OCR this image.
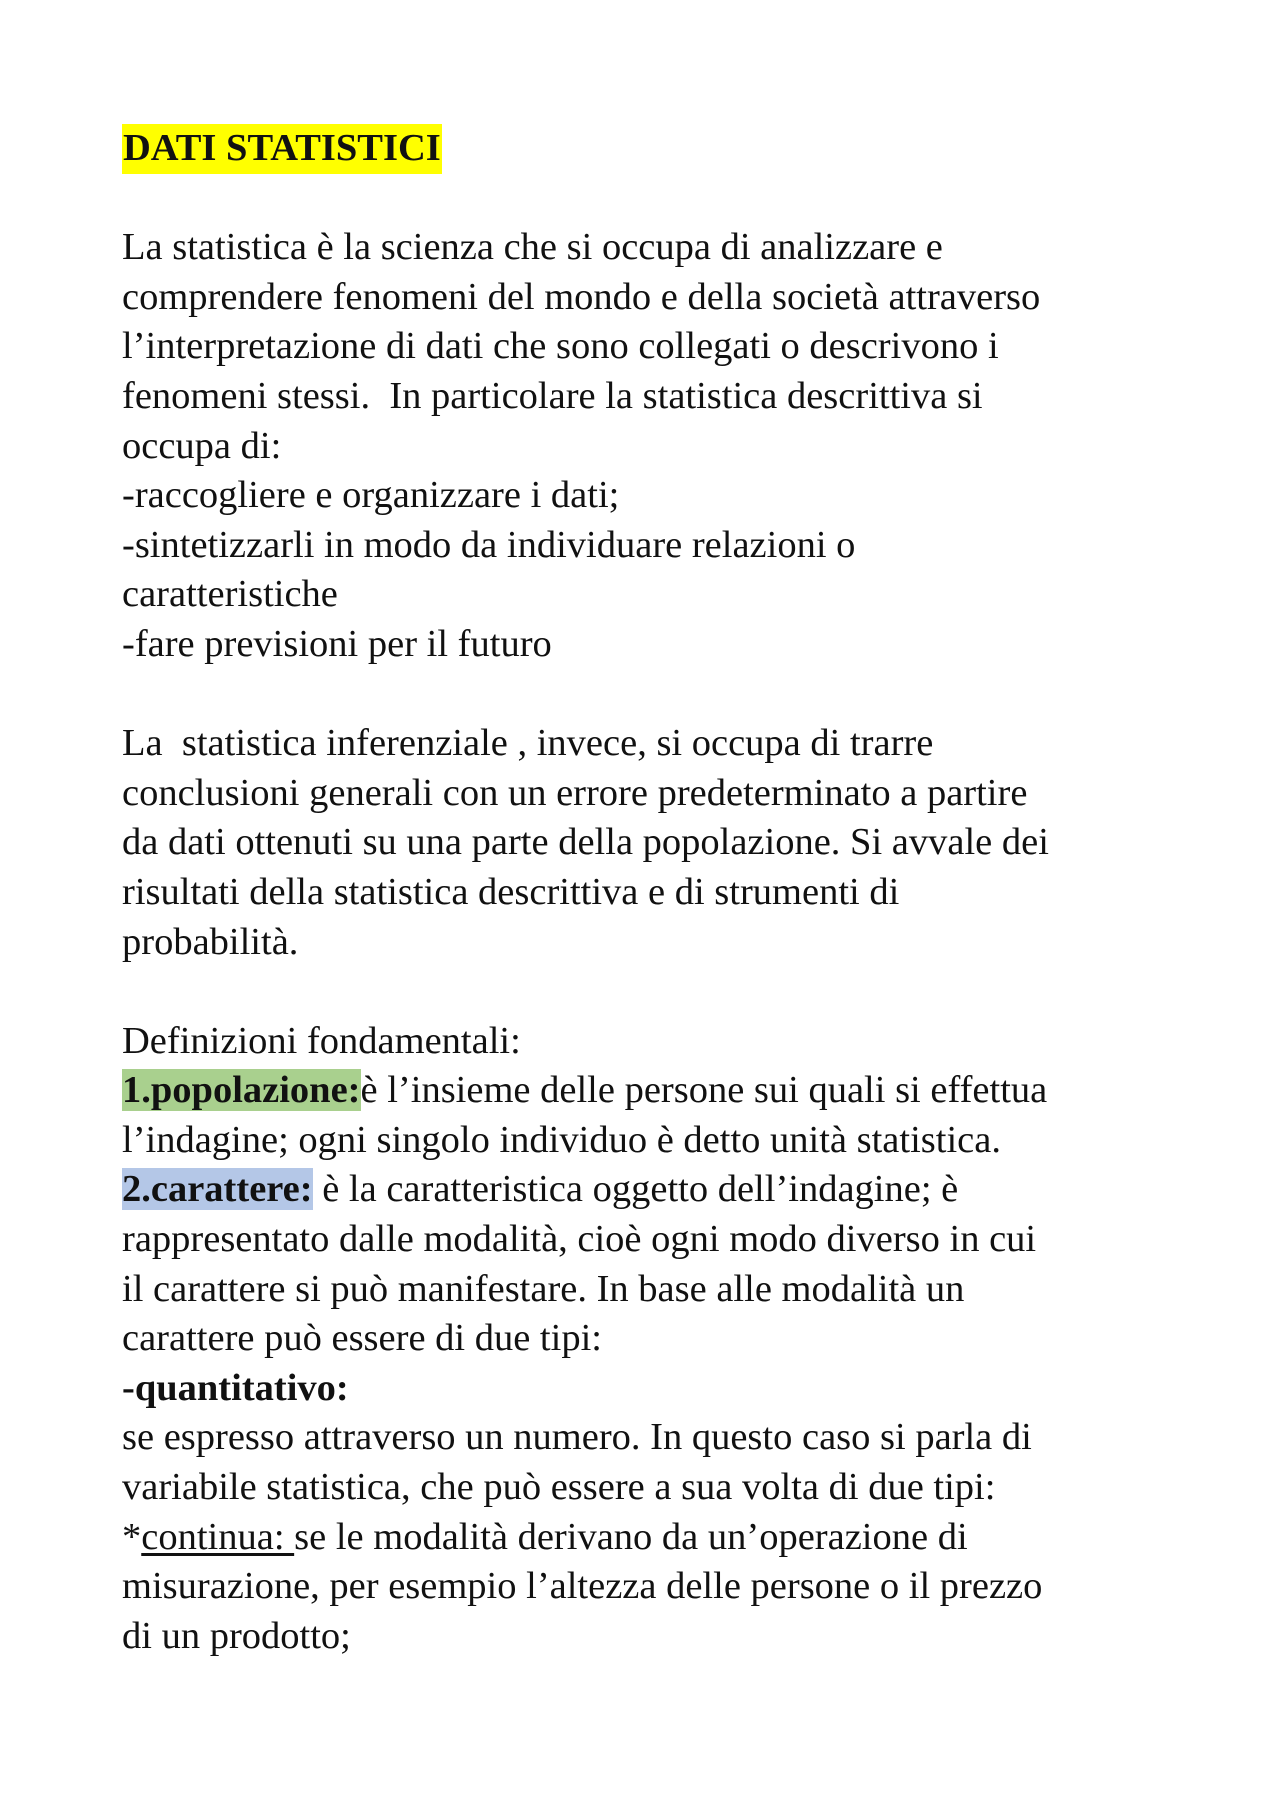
DATI STATISTICI
La statistica è la scienza che si occupa di analizzare e
comprendere fenomeni del mondo e della società attraverso
l’interpretazione di dati che sono collegati o descrivono i
fenomeni stessi.  In particolare la statistica descrittiva si
occupa di:
-raccogliere e organizzare i dati;
-sintetizzarli in modo da individuare relazioni o
caratteristiche
-fare previsioni per il futuro
La  statistica inferenziale , invece, si occupa di trarre
conclusioni generali con un errore predeterminato a partire
da dati ottenuti su una parte della popolazione. Si avvale dei
risultati della statistica descrittiva e di strumenti di
probabilità.
Definizioni fondamentali:
1.popolazione:è l’insieme delle persone sui quali si effettua
l’indagine; ogni singolo individuo è detto unità statistica.
2.carattere: è la caratteristica oggetto dell’indagine; è
rappresentato dalle modalità, cioè ogni modo diverso in cui
il carattere si può manifestare. In base alle modalità un
carattere può essere di due tipi:
-quantitativo:
se espresso attraverso un numero. In questo caso si parla di
variabile statistica, che può essere a sua volta di due tipi:
*continua: se le modalità derivano da un’operazione di
misurazione, per esempio l’altezza delle persone o il prezzo
di un prodotto;
